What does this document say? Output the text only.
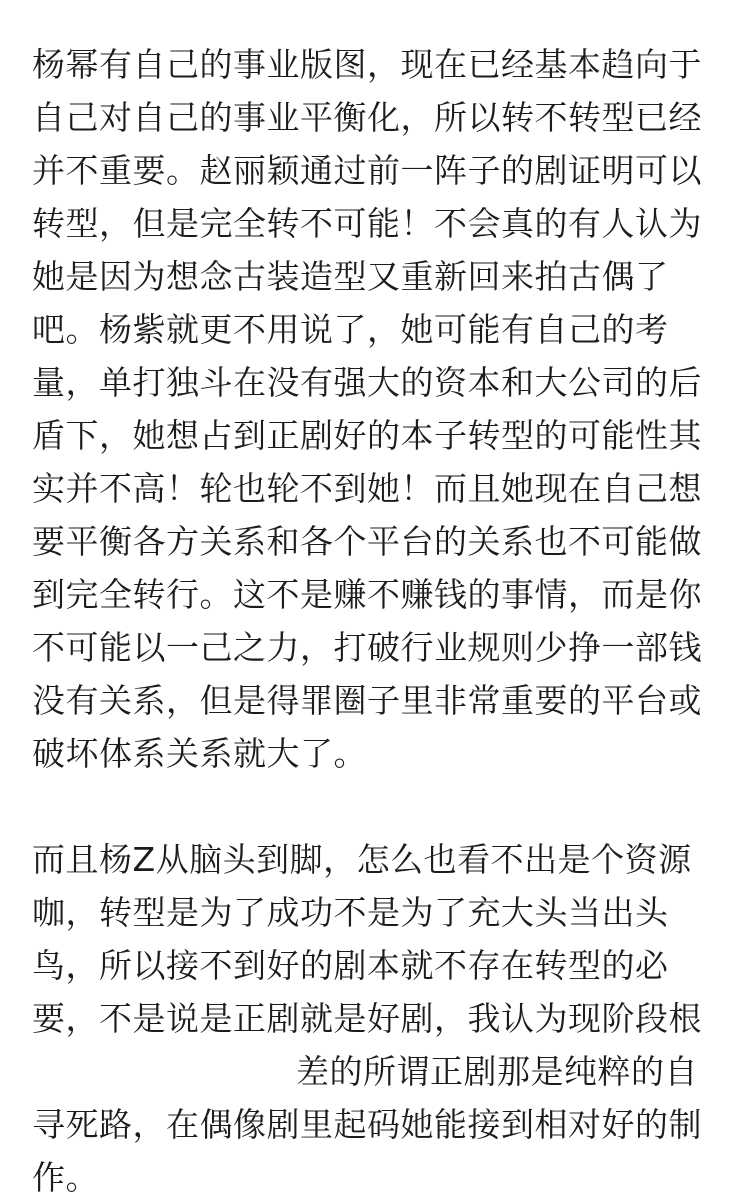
杨幂有自己的事业版图，现在已经基本趋向于
自己对自己的事业平衡化，所以转不转型已经
并不重要。赵丽颖通过前一阵子的剧证明可以
转型，但是完全转不可能！不会真的有人认为
她是因为想念古装造型又重新回来拍古偶了
吧。杨紫就更不用说了，她可能有自己的考
量，单打独斗在没有强大的资本和大公司的后
盾下，她想占到正剧好的本子转型的可能性其
实并不高！轮也轮不到她！而且她现在自己想
要平衡各方关系和各个平台的关系也不可能做
到完全转行。这不是赚不赚钱的事情，而是你
不可能以一己之力，打破行业规则少挣一部钱
没有关系，但是得罪圈子里非常重要的平台或
破坏体系关系就大了。
而且杨Z从脑头到脚，怎么也看不出是个资源
咖，转型是为了成功不是为了充大头当出头
鸟，所以接不到好的剧本就不存在转型的必
要，不是说是正剧就是好剧，我认为现阶段根
差的所谓正剧那是纯粹的自
寻死路，在偶像剧里起码她能接到相对好的制
作。
